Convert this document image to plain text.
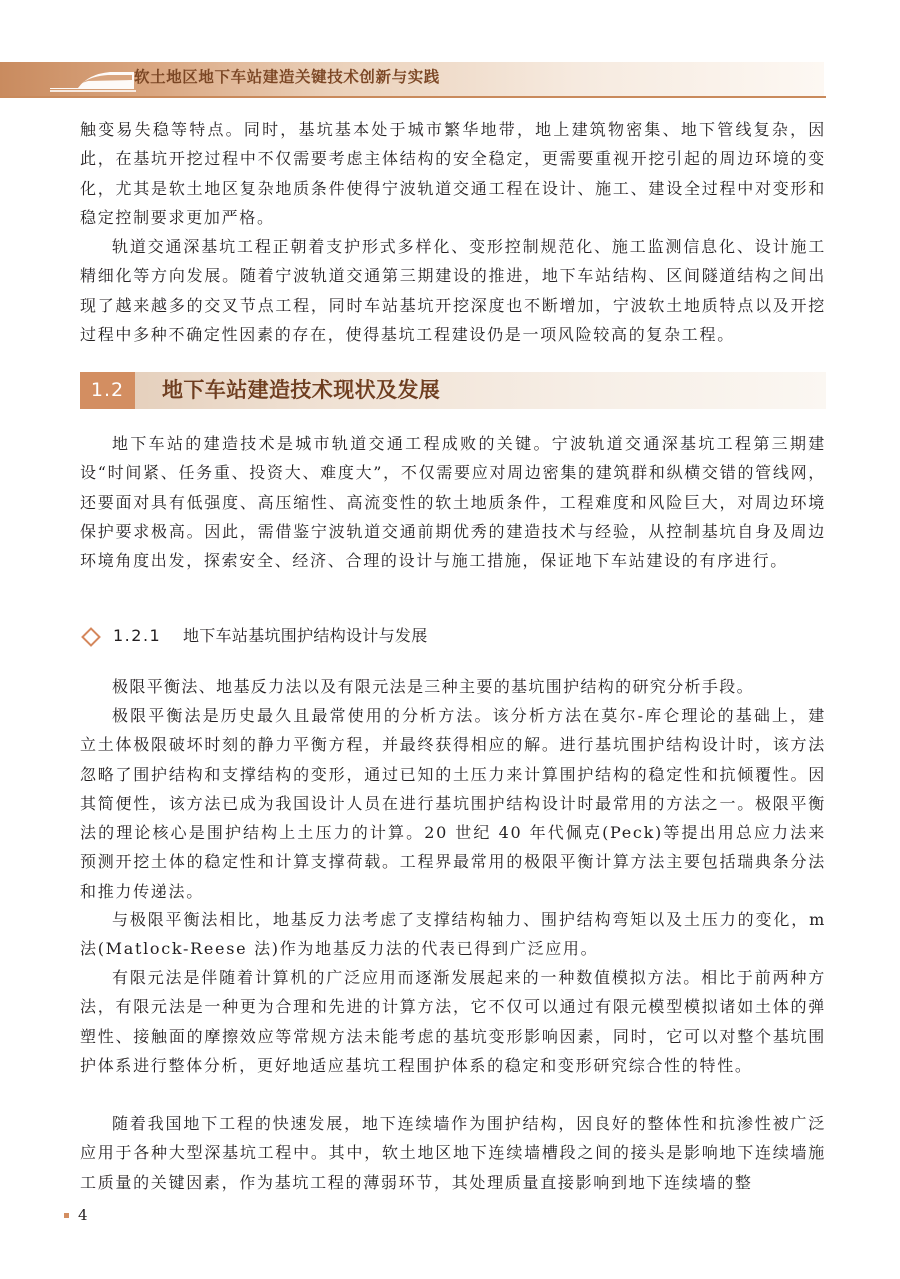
软土地区地下车站建造关键技术创新与实践

触变易失稳等特点。同时，基坑基本处于城市繁华地带，地上建筑物密集、地下管线复杂，因此，在基坑开挖过程中不仅需要考虑主体结构的安全稳定，更需要重视开挖引起的周边环境的变化，尤其是软土地区复杂地质条件使得宁波轨道交通工程在设计、施工、建设全过程中对变形和稳定控制要求更加严格。

轨道交通深基坑工程正朝着支护形式多样化、变形控制规范化、施工监测信息化、设计施工精细化等方向发展。随着宁波轨道交通第三期建设的推进，地下车站结构、区间隧道结构之间出现了越来越多的交叉节点工程，同时车站基坑开挖深度也不断增加，宁波软土地质特点以及开挖过程中多种不确定性因素的存在，使得基坑工程建设仍是一项风险较高的复杂工程。

1.2	地下车站建造技术现状及发展

地下车站的建造技术是城市轨道交通工程成败的关键。宁波轨道交通深基坑工程第三期建设“时间紧、任务重、投资大、难度大”，不仅需要应对周边密集的建筑群和纵横交错的管线网，还要面对具有低强度、高压缩性、高流变性的软土地质条件，工程难度和风险巨大，对周边环境保护要求极高。因此，需借鉴宁波轨道交通前期优秀的建造技术与经验，从控制基坑自身及周边环境角度出发，探索安全、经济、合理的设计与施工措施，保证地下车站建设的有序进行。

1.2.1 地下车站基坑围护结构设计与发展

极限平衡法、地基反力法以及有限元法是三种主要的基坑围护结构的研究分析手段。

极限平衡法是历史最久且最常使用的分析方法。该分析方法在莫尔-库仑理论的基础上，建立土体极限破坏时刻的静力平衡方程，并最终获得相应的解。进行基坑围护结构设计时，该方法忽略了围护结构和支撑结构的变形，通过已知的土压力来计算围护结构的稳定性和抗倾覆性。因其简便性，该方法已成为我国设计人员在进行基坑围护结构设计时最常用的方法之一。极限平衡法的理论核心是围护结构上土压力的计算。20 世纪 40 年代佩克(Peck)等提出用总应力法来预测开挖土体的稳定性和计算支撑荷载。工程界最常用的极限平衡计算方法主要包括瑞典条分法和推力传递法。

与极限平衡法相比，地基反力法考虑了支撑结构轴力、围护结构弯矩以及土压力的变化，m 法(Matlock-Reese 法)作为地基反力法的代表已得到广泛应用。

有限元法是伴随着计算机的广泛应用而逐渐发展起来的一种数值模拟方法。相比于前两种方法，有限元法是一种更为合理和先进的计算方法，它不仅可以通过有限元模型模拟诸如土体的弹塑性、接触面的摩擦效应等常规方法未能考虑的基坑变形影响因素，同时，它可以对整个基坑围护体系进行整体分析，更好地适应基坑工程围护体系的稳定和变形研究综合性的特性。

随着我国地下工程的快速发展，地下连续墙作为围护结构，因良好的整体性和抗渗性被广泛应用于各种大型深基坑工程中。其中，软土地区地下连续墙槽段之间的接头是影响地下连续墙施工质量的关键因素，作为基坑工程的薄弱环节，其处理质量直接影响到地下连续墙的整

4
